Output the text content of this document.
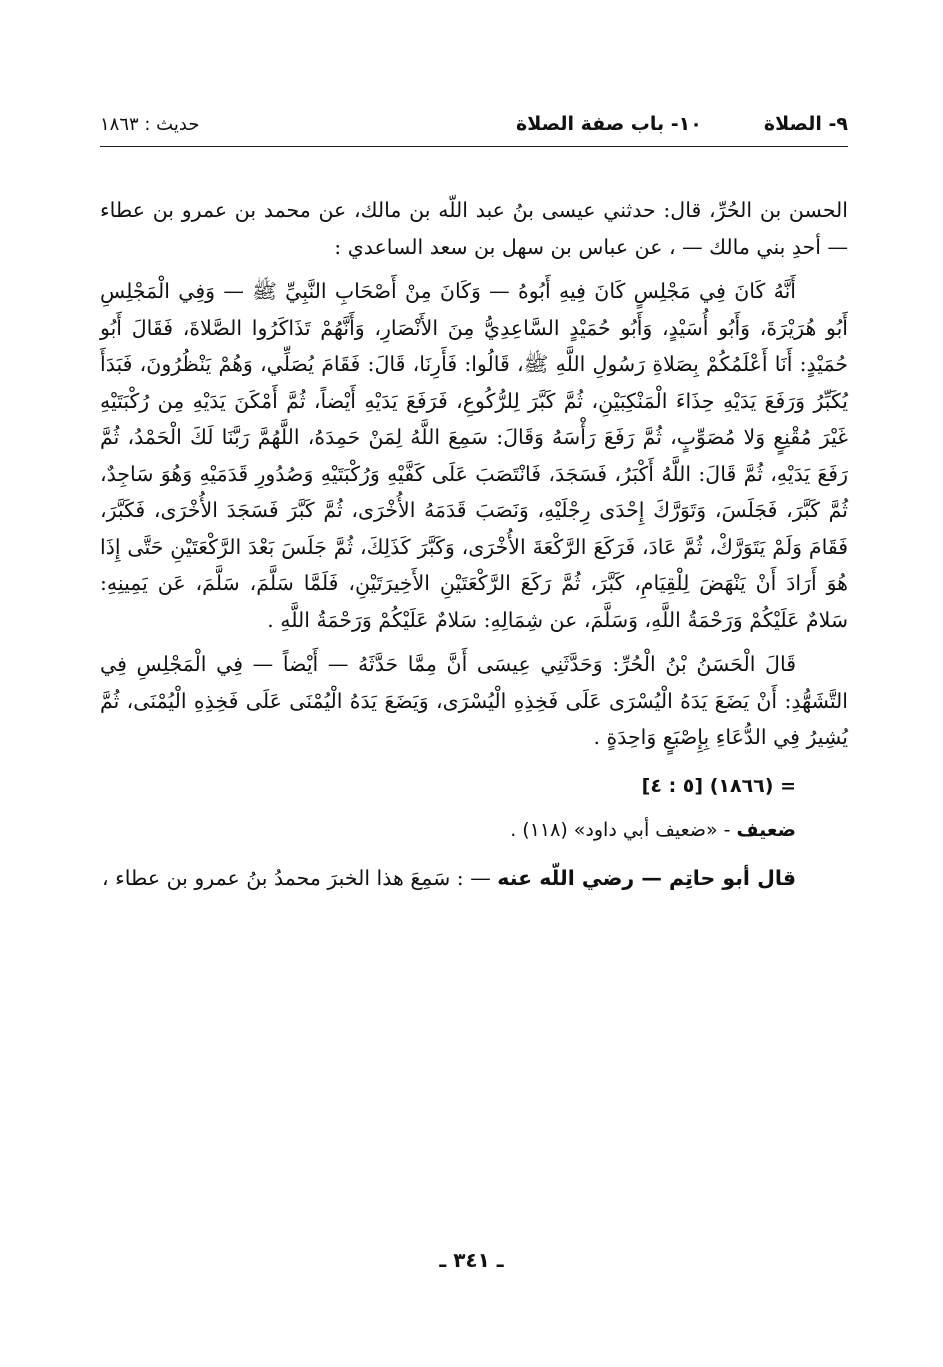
٩- الصلاة
١٠- باب صفة الصلاة
حديث : ١٨٦٣

الحسن بن الحُرِّ، قال: حدثني عيسى بنُ عبد اللّه بن مالك، عن محمد بن عمرو بن عطاء — أحدِ بني مالك — ، عن عباس بن سهل بن سعد الساعدي :

أَنَّهُ كَانَ فِي مَجْلِسٍ كَانَ فِيهِ أَبُوهُ — وَكَانَ مِنْ أَصْحَابِ النَّبِيِّ ﷺ — وَفِي الْمَجْلِسِ أَبُو هُرَيْرَةَ، وَأَبُو أُسَيْدٍ، وَأَبُو حُمَيْدٍ السَّاعِدِيُّ مِنَ الأَنْصَارِ، وَأَنَّهُمْ تَذَاكَرُوا الصَّلاةَ، فَقَالَ أَبُو حُمَيْدٍ: أَنَا أَعْلَمُكُمْ بِصَلاةِ رَسُولِ اللَّهِ ﷺ، قَالُوا: فَأَرِنَا، قَالَ: فَقَامَ يُصَلِّي، وَهُمْ يَنْظُرُونَ، فَبَدَأَ يُكَبِّرُ وَرَفَعَ يَدَيْهِ حِذَاءَ الْمَنْكِبَيْنِ، ثُمَّ كَبَّرَ لِلرُّكُوعِ، فَرَفَعَ يَدَيْهِ أَيْضاً، ثُمَّ أَمْكَنَ يَدَيْهِ مِن رُكْبَتَيْهِ غَيْرَ مُقْنِعٍ وَلا مُصَوِّبٍ، ثُمَّ رَفَعَ رَأْسَهُ وَقَالَ: سَمِعَ اللَّهُ لِمَنْ حَمِدَهُ، اللَّهُمَّ رَبَّنَا لَكَ الْحَمْدُ، ثُمَّ رَفَعَ يَدَيْهِ، ثُمَّ قَالَ: اللَّهُ أَكْبَرُ، فَسَجَدَ، فَانْتَصَبَ عَلَى كَفَّيْهِ وَرُكْبَتَيْهِ وَصُدُورِ قَدَمَيْهِ وَهُوَ سَاجِدٌ، ثُمَّ كَبَّرَ، فَجَلَسَ، وَتَوَرَّكَ إِحْدَى رِجْلَيْهِ، وَنَصَبَ قَدَمَهُ الأُخْرَى، ثُمَّ كَبَّرَ فَسَجَدَ الأُخْرَى، فَكَبَّرَ، فَقَامَ وَلَمْ يَتَوَرَّكْ، ثُمَّ عَادَ، فَرَكَعَ الرَّكْعَةَ الأُخْرَى، وَكَبَّرَ كَذَلِكَ، ثُمَّ جَلَسَ بَعْدَ الرَّكْعَتَيْنِ حَتَّى إِذَا هُوَ أَرَادَ أَنْ يَنْهَضَ لِلْقِيَامِ، كَبَّرَ، ثُمَّ رَكَعَ الرَّكْعَتَيْنِ الأَخِيرَتَيْنِ، فَلَمَّا سَلَّمَ، سَلَّمَ، عَن يَمِينِهِ: سَلامٌ عَلَيْكُمْ وَرَحْمَةُ اللَّهِ، وَسَلَّمَ، عن شِمَالِهِ: سَلامٌ عَلَيْكُمْ وَرَحْمَةُ اللَّهِ .

قَالَ الْحَسَنُ بْنُ الْحُرِّ: وَحَدَّثَنِي عِيسَى أَنَّ مِمَّا حَدَّثَهُ — أَيْضاً — فِي الْمَجْلِسِ فِي التَّشَهُّدِ: أَنْ يَضَعَ يَدَهُ الْيُسْرَى عَلَى فَخِذِهِ الْيُسْرَى، وَيَضَعَ يَدَهُ الْيُمْنَى عَلَى فَخِذِهِ الْيُمْنَى، ثُمَّ يُشِيرُ فِي الدُّعَاءِ بِإِصْبَعٍ وَاحِدَةٍ .

= (١٨٦٦) [٥ : ٤]
ضعيف - «ضعيف أبي داود» (١١٨) .
قال أبو حاتِم — رضي اللّه عنه — : سَمِعَ هذا الخبرَ محمدُ بنُ عمرو بن عطاء ،
ـ ٣٤١ ـ
